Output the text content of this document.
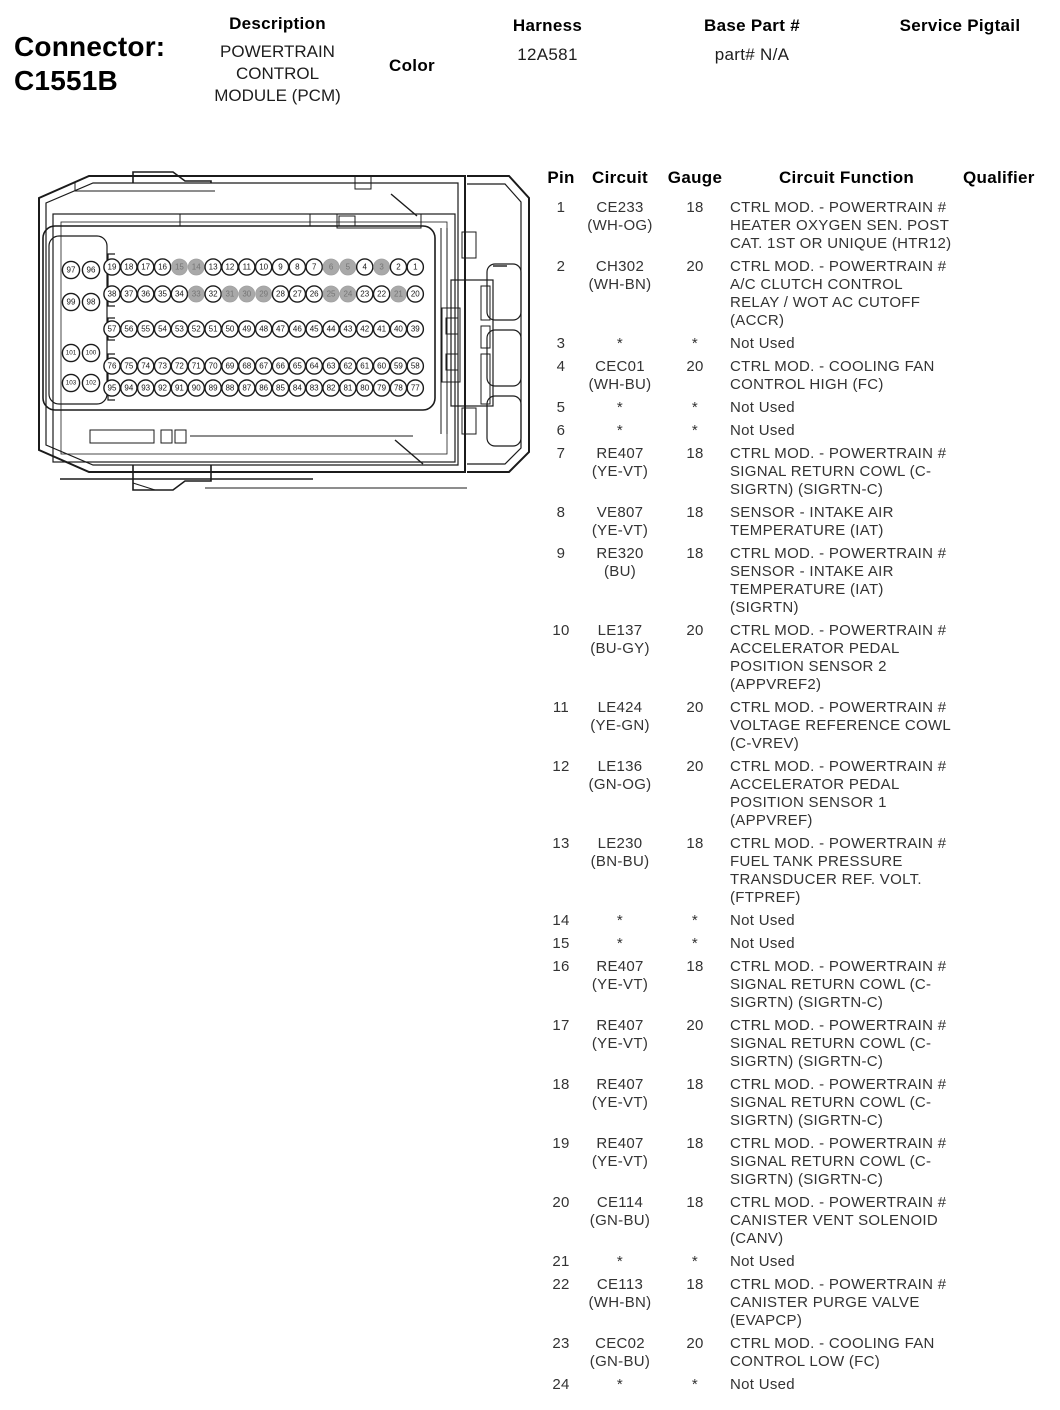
Connector:
C1551B
Description
POWERTRAIN
CONTROL
MODULE (PCM)
Color
Harness
12A581
Base Part #
part# N/A
Service Pigtail
19 18 17 16 15 14 13 12 11 10 9 8 7 6 5 4 3 2 1
38 37 36 35 34 33 32 31 30 29 28 27 26 25 24 23 22 21 20
57 56 55 54 53 52 51 50 49 48 47 46 45 44 43 42 41 40 39
76 75 74 73 72 71 70 69 68 67 66 65 64 63 62 61 60 59 58
95 94 93 92 91 90 89 88 87 86 85 84 83 82 81 80 79 78 77
97 96
99 98
101 100
103 102
Pin	Circuit	Gauge	Circuit Function	Qualifier
1	CE233
(WH-OG)
18	CTRL MOD. - POWERTRAIN #
HEATER OXYGEN SEN. POST
CAT. 1ST OR UNIQUE (HTR12)
2	CH302
(WH-BN)
20	CTRL MOD. - POWERTRAIN #
A/C CLUTCH CONTROL
RELAY / WOT AC CUTOFF
(ACCR)
3	*	*	Not Used
4	CEC01
(WH-BU)
20	CTRL MOD. - COOLING FAN
CONTROL HIGH (FC)
5	*	*	Not Used
6	*	*	Not Used
7	RE407
(YE-VT)
18	CTRL MOD. - POWERTRAIN #
SIGNAL RETURN COWL (C-
SIGRTN) (SIGRTN-C)
8	VE807
(YE-VT)
18	SENSOR - INTAKE AIR
TEMPERATURE (IAT)
9	RE320
(BU)
18	CTRL MOD. - POWERTRAIN #
SENSOR - INTAKE AIR
TEMPERATURE (IAT)
(SIGRTN)
10	LE137
(BU-GY)
20	CTRL MOD. - POWERTRAIN #
ACCELERATOR PEDAL
POSITION SENSOR 2
(APPVREF2)
11	LE424
(YE-GN)
20	CTRL MOD. - POWERTRAIN #
VOLTAGE REFERENCE COWL
(C-VREV)
12	LE136
(GN-OG)
20	CTRL MOD. - POWERTRAIN #
ACCELERATOR PEDAL
POSITION SENSOR 1
(APPVREF)
13	LE230
(BN-BU)
18	CTRL MOD. - POWERTRAIN #
FUEL TANK PRESSURE
TRANSDUCER REF. VOLT.
(FTPREF)
14	*	*	Not Used
15	*	*	Not Used
16	RE407
(YE-VT)
18	CTRL MOD. - POWERTRAIN #
SIGNAL RETURN COWL (C-
SIGRTN) (SIGRTN-C)
17	RE407
(YE-VT)
20	CTRL MOD. - POWERTRAIN #
SIGNAL RETURN COWL (C-
SIGRTN) (SIGRTN-C)
18	RE407
(YE-VT)
18	CTRL MOD. - POWERTRAIN #
SIGNAL RETURN COWL (C-
SIGRTN) (SIGRTN-C)
19	RE407
(YE-VT)
18	CTRL MOD. - POWERTRAIN #
SIGNAL RETURN COWL (C-
SIGRTN) (SIGRTN-C)
20	CE114
(GN-BU)
18	CTRL MOD. - POWERTRAIN #
CANISTER VENT SOLENOID
(CANV)
21	*	*	Not Used
22	CE113
(WH-BN)
18	CTRL MOD. - POWERTRAIN #
CANISTER PURGE VALVE
(EVAPCP)
23	CEC02
(GN-BU)
20	CTRL MOD. - COOLING FAN
CONTROL LOW (FC)
24	*	*	Not Used
